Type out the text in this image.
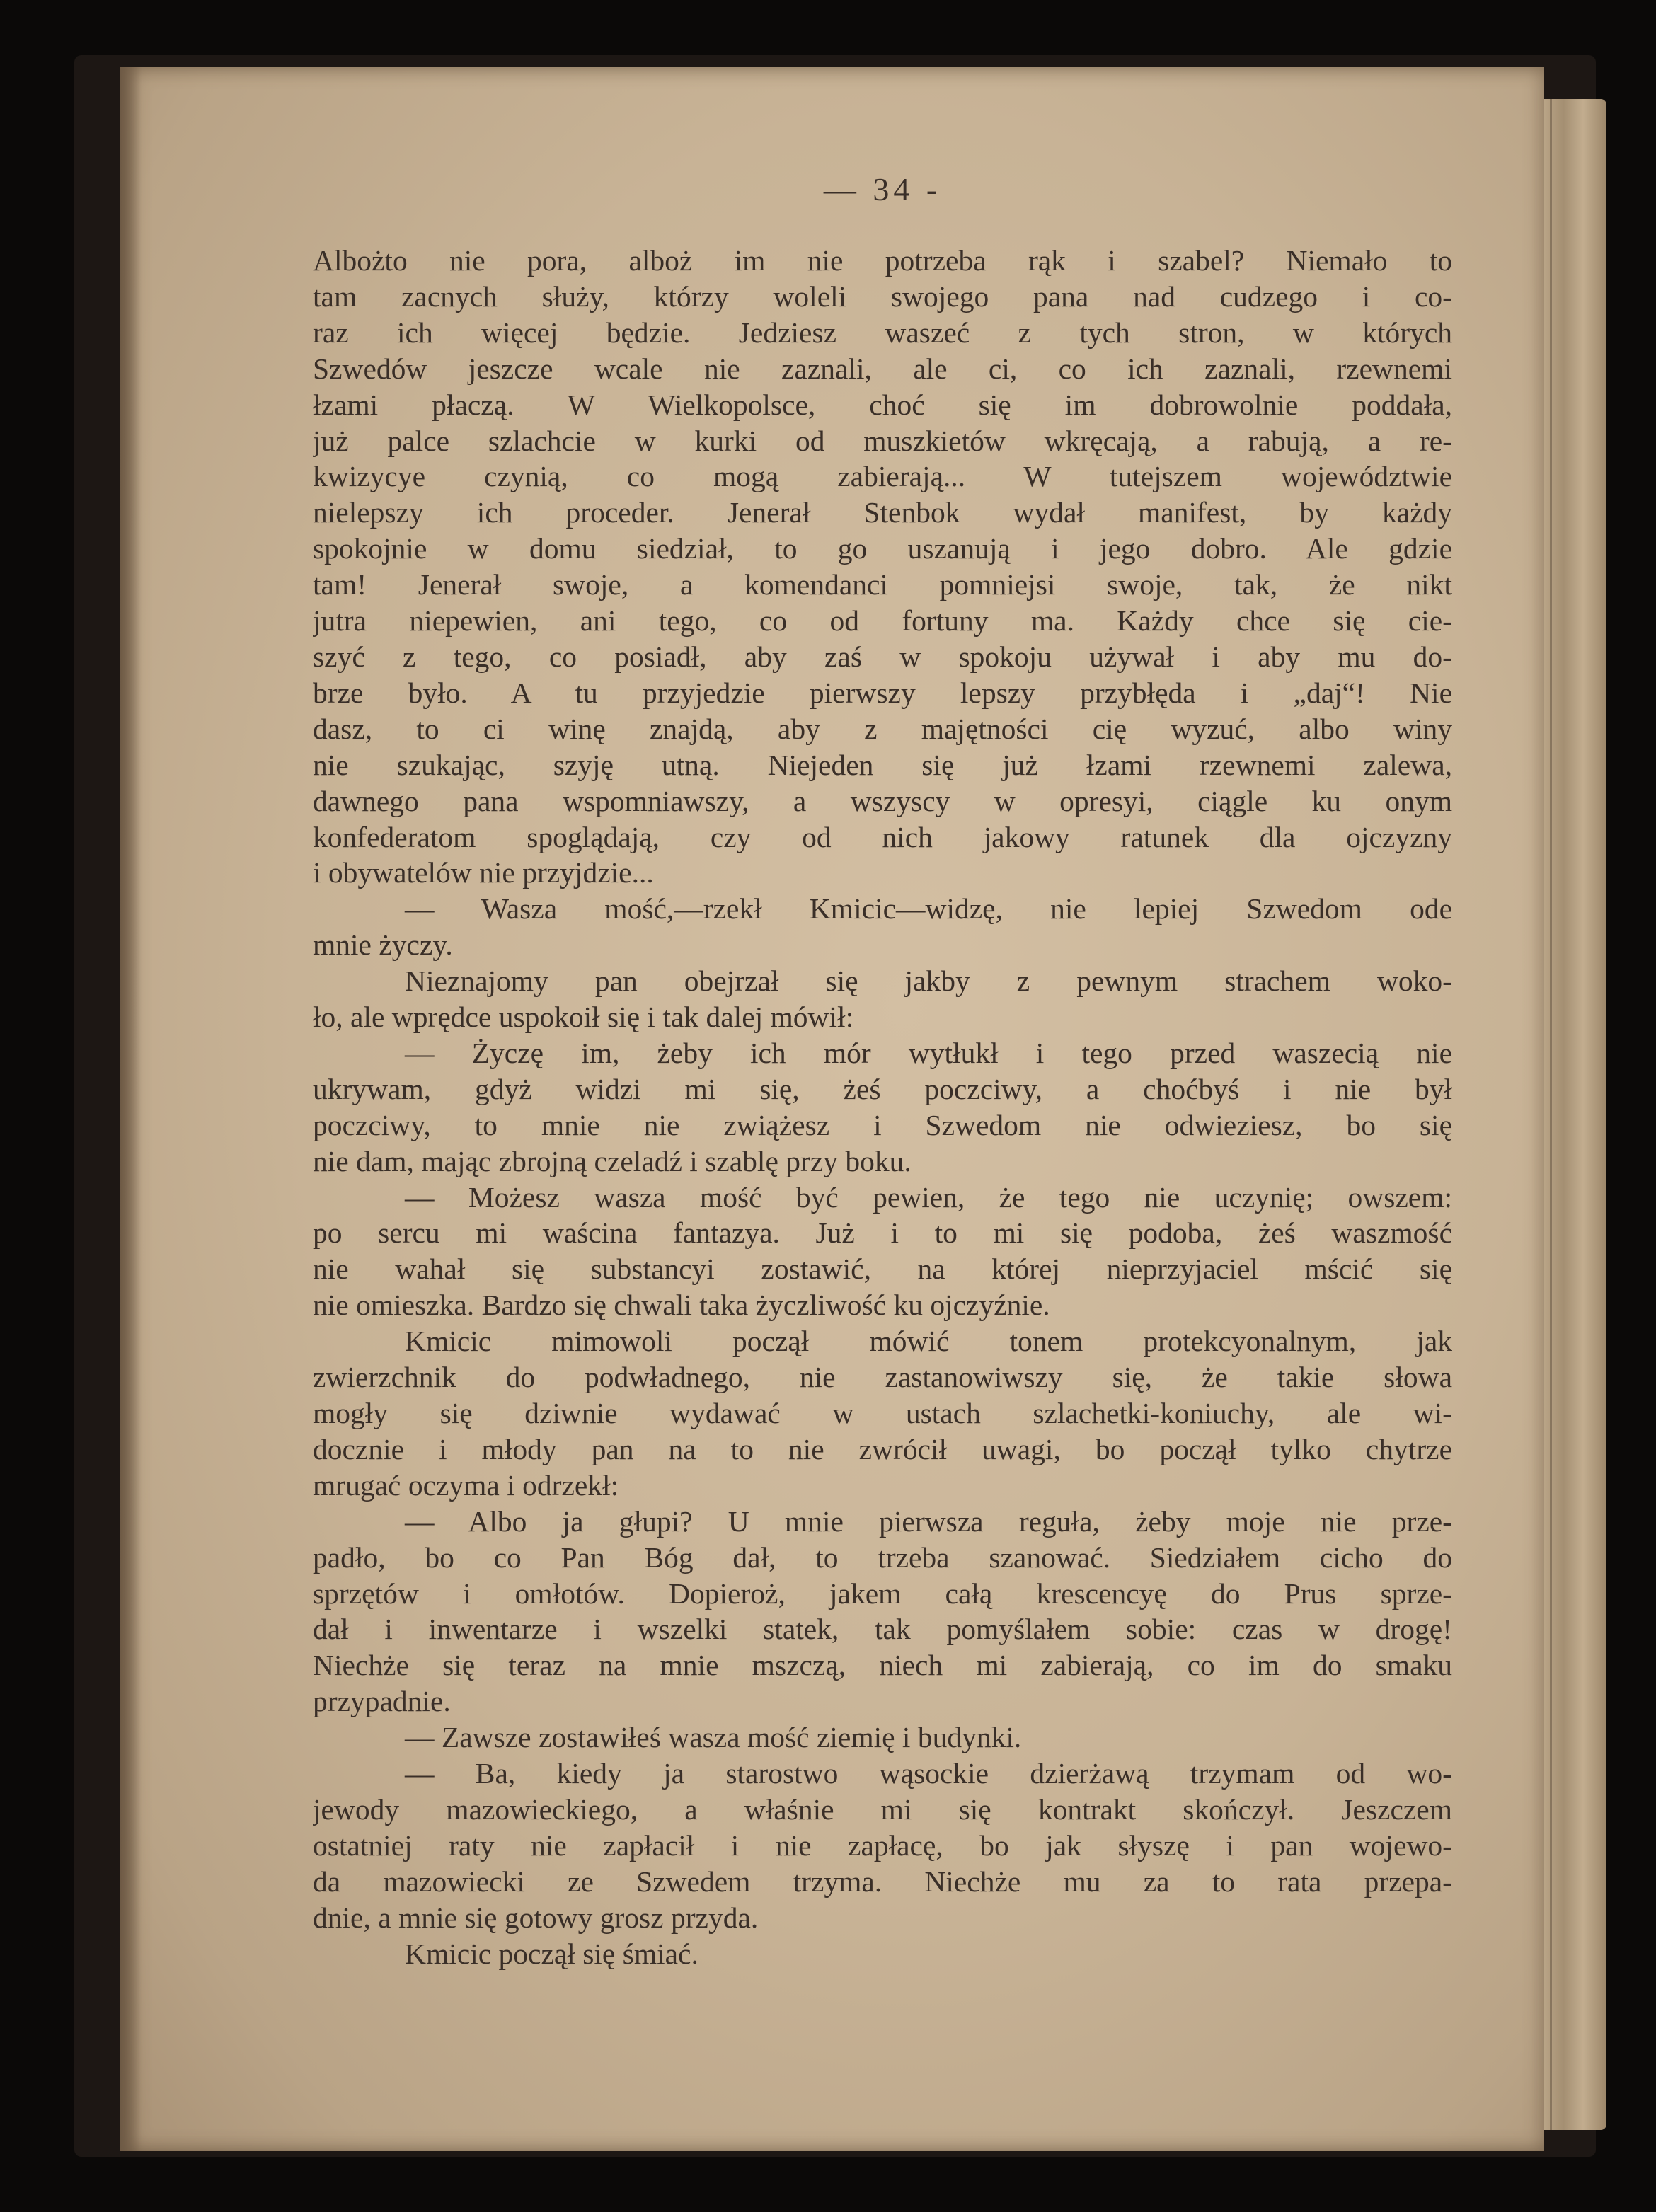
— 34 -
Albożto nie pora, alboż im nie potrzeba rąk i szabel? Niemało to
tam zacnych służy, którzy woleli swojego pana nad cudzego i co-
raz ich więcej będzie. Jedziesz waszeć z tych stron, w których
Szwedów jeszcze wcale nie zaznali, ale ci, co ich zaznali, rzewnemi
łzami płaczą. W Wielkopolsce, choć się im dobrowolnie poddała,
już palce szlachcie w kurki od muszkietów wkręcają, a rabują, a re-
kwizycye czynią, co mogą zabierają... W tutejszem województwie
nielepszy ich proceder. Jenerał Stenbok wydał manifest, by każdy
spokojnie w domu siedział, to go uszanują i jego dobro. Ale gdzie
tam! Jenerał swoje, a komendanci pomniejsi swoje, tak, że nikt
jutra niepewien, ani tego, co od fortuny ma. Każdy chce się cie-
szyć z tego, co posiadł, aby zaś w spokoju używał i aby mu do-
brze było. A tu przyjedzie pierwszy lepszy przybłęda i „daj“! Nie
dasz, to ci winę znajdą, aby z majętności cię wyzuć, albo winy
nie szukając, szyję utną. Niejeden się już łzami rzewnemi zalewa,
dawnego pana wspomniawszy, a wszyscy w opresyi, ciągle ku onym
konfederatom spoglądają, czy od nich jakowy ratunek dla ojczyzny
i obywatelów nie przyjdzie...
— Wasza mość,—rzekł Kmicic—widzę, nie lepiej Szwedom ode
mnie życzy.
Nieznajomy pan obejrzał się jakby z pewnym strachem woko-
ło, ale wprędce uspokoił się i tak dalej mówił:
— Życzę im, żeby ich mór wytłukł i tego przed waszecią nie
ukrywam, gdyż widzi mi się, żeś poczciwy, a choćbyś i nie był
poczciwy, to mnie nie zwiążesz i Szwedom nie odwieziesz, bo się
nie dam, mając zbrojną czeladź i szablę przy boku.
— Możesz wasza mość być pewien, że tego nie uczynię; owszem:
po sercu mi waścina fantazya. Już i to mi się podoba, żeś waszmość
nie wahał się substancyi zostawić, na której nieprzyjaciel mścić się
nie omieszka. Bardzo się chwali taka życzliwość ku ojczyźnie.
Kmicic mimowoli począł mówić tonem protekcyonalnym, jak
zwierzchnik do podwładnego, nie zastanowiwszy się, że takie słowa
mogły się dziwnie wydawać w ustach szlachetki-koniuchy, ale wi-
docznie i młody pan na to nie zwrócił uwagi, bo począł tylko chytrze
mrugać oczyma i odrzekł:
— Albo ja głupi? U mnie pierwsza reguła, żeby moje nie prze-
padło, bo co Pan Bóg dał, to trzeba szanować. Siedziałem cicho do
sprzętów i omłotów. Dopieroż, jakem całą krescencyę do Prus sprze-
dał i inwentarze i wszelki statek, tak pomyślałem sobie: czas w drogę!
Niechże się teraz na mnie mszczą, niech mi zabierają, co im do smaku
przypadnie.
— Zawsze zostawiłeś wasza mość ziemię i budynki.
— Ba, kiedy ja starostwo wąsockie dzierżawą trzymam od wo-
jewody mazowieckiego, a właśnie mi się kontrakt skończył. Jeszczem
ostatniej raty nie zapłacił i nie zapłacę, bo jak słyszę i pan wojewo-
da mazowiecki ze Szwedem trzyma. Niechże mu za to rata przepa-
dnie, a mnie się gotowy grosz przyda.
Kmicic począł się śmiać.
